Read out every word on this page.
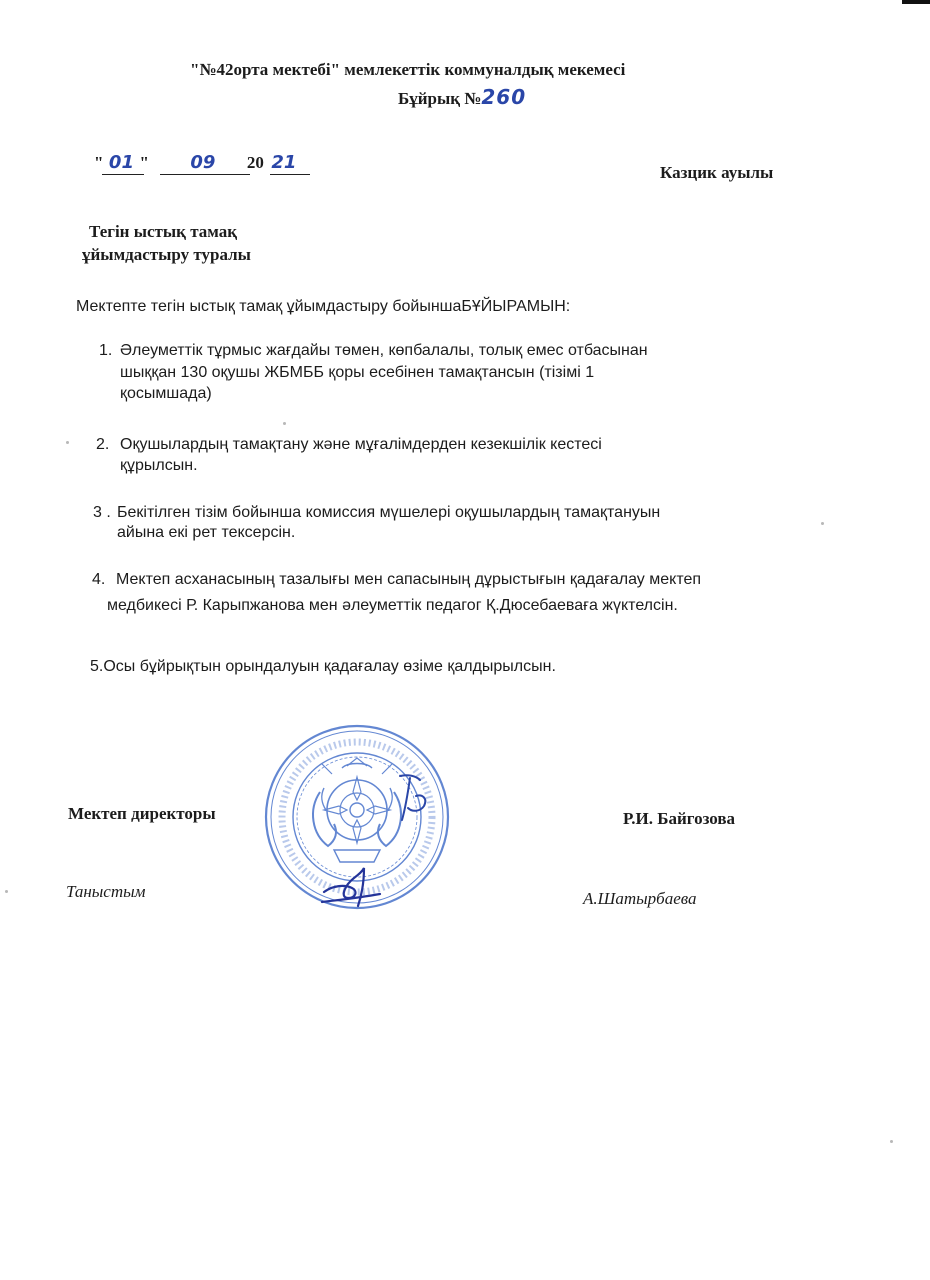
"№42орта мектебі" мемлекеттік коммуналдық мекемесі
Бұйрық №260
" 01 " 09 20 21	Казцик ауылы
Тегін ыстық тамақ
ұйымдастыру туралы
Мектепте тегін ыстық тамақ ұйымдастыру бойыншаБҰЙЫРАМЫН:
1. Әлеуметтік тұрмыс жағдайы төмен, көпбалалы, толық емес отбасынан
шыққан 130 оқушы ЖБМББ қоры есебінен тамақтансын (тізімі 1
қосымшада)
2. Оқушылардың тамақтану және мұғалімдерден кезекшілік кестесі
құрылсын.
3 . Бекітілген тізім бойынша комиссия мүшелері оқушылардың тамақтануын
айына екі рет тексерсін.
4. Мектеп асханасының тазалығы мен сапасының дұрыстығын қадағалау мектеп
медбикесі Р. Карыпжанова мен әлеуметтік педагог Қ.Дюсебаеваға жүктелсін.
5.Осы бұйрықтын орындалуын қадағалау өзіме қалдырылсын.
Мектеп директоры	Р.И. Байгозова
Таныстым	А.Шатырбаева
